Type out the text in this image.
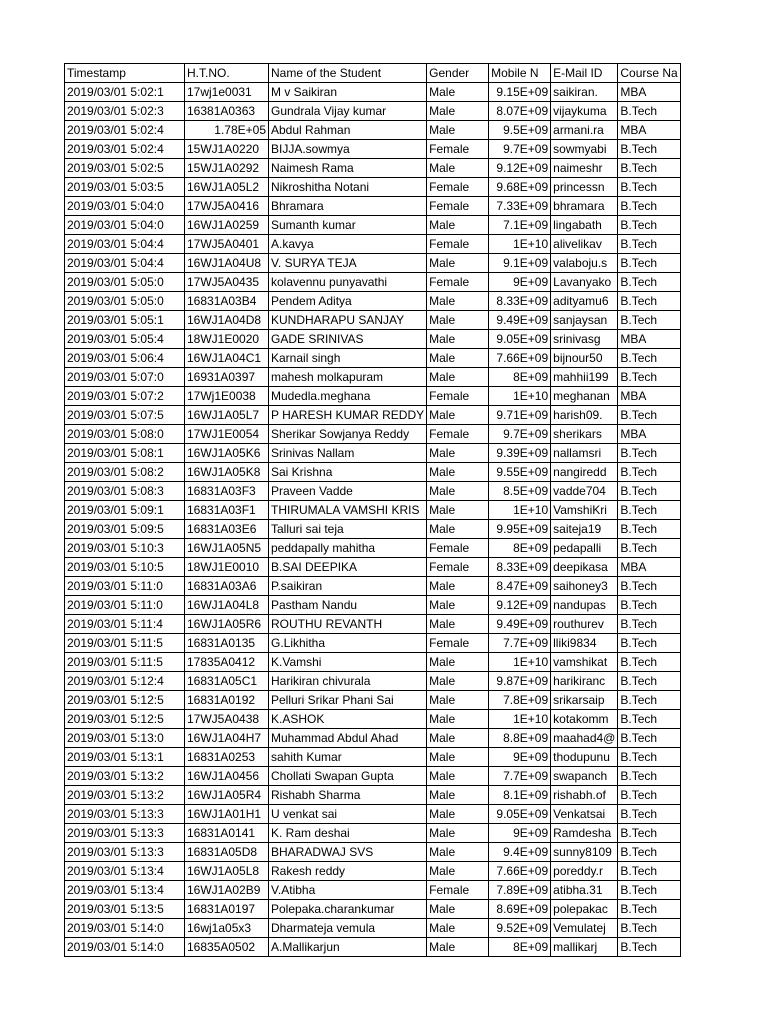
Timestamp	H.T.NO.	Name of the Student	Gender	Mobile N	E-Mail ID	Course Na
2019/03/01 5:02:1	17wj1e0031	M v Saikiran	Male	9.15E+09	saikiran.	MBA
2019/03/01 5:02:3	16381A0363	Gundrala Vijay kumar	Male	8.07E+09	vijaykuma	B.Tech
2019/03/01 5:02:4	1.78E+05	Abdul Rahman	Male	9.5E+09	armani.ra	MBA
2019/03/01 5:02:4	15WJ1A0220	BIJJA.sowmya	Female	9.7E+09	sowmyabi	B.Tech
2019/03/01 5:02:5	15WJ1A0292	Naimesh Rama	Male	9.12E+09	naimeshr	B.Tech
2019/03/01 5:03:5	16WJ1A05L2	Nikroshitha Notani	Female	9.68E+09	princessn	B.Tech
2019/03/01 5:04:0	17WJ5A0416	Bhramara	Female	7.33E+09	bhramara	B.Tech
2019/03/01 5:04:0	16WJ1A0259	Sumanth kumar	Male	7.1E+09	lingabath	B.Tech
2019/03/01 5:04:4	17WJ5A0401	A.kavya	Female	1E+10	alivelikav	B.Tech
2019/03/01 5:04:4	16WJ1A04U8	V. SURYA TEJA	Male	9.1E+09	valaboju.s	B.Tech
2019/03/01 5:05:0	17WJ5A0435	kolavennu punyavathi	Female	9E+09	Lavanyako	B.Tech
2019/03/01 5:05:0	16831A03B4	Pendem Aditya	Male	8.33E+09	adityamu6	B.Tech
2019/03/01 5:05:1	16WJ1A04D8	KUNDHARAPU SANJAY	Male	9.49E+09	sanjaysan	B.Tech
2019/03/01 5:05:4	18WJ1E0020	GADE SRINIVAS	Male	9.05E+09	srinivasg	MBA
2019/03/01 5:06:4	16WJ1A04C1	Karnail singh	Male	7.66E+09	bijnour50	B.Tech
2019/03/01 5:07:0	16931A0397	mahesh molkapuram	Male	8E+09	mahhii199	B.Tech
2019/03/01 5:07:2	17Wj1E0038	Mudedla.meghana	Female	1E+10	meghanan	MBA
2019/03/01 5:07:5	16WJ1A05L7	P HARESH KUMAR REDDY	Male	9.71E+09	harish09.	B.Tech
2019/03/01 5:08:0	17WJ1E0054	Sherikar Sowjanya Reddy	Female	9.7E+09	sherikars	MBA
2019/03/01 5:08:1	16WJ1A05K6	Srinivas Nallam	Male	9.39E+09	nallamsri	B.Tech
2019/03/01 5:08:2	16WJ1A05K8	Sai Krishna	Male	9.55E+09	nangiredd	B.Tech
2019/03/01 5:08:3	16831A03F3	Praveen Vadde	Male	8.5E+09	vadde704	B.Tech
2019/03/01 5:09:1	16831A03F1	THIRUMALA VAMSHI KRIS	Male	1E+10	VamshiKri	B.Tech
2019/03/01 5:09:5	16831A03E6	Talluri sai teja	Male	9.95E+09	saiteja19	B.Tech
2019/03/01 5:10:3	16WJ1A05N5	peddapally mahitha	Female	8E+09	pedapalli	B.Tech
2019/03/01 5:10:5	18WJ1E0010	B.SAI DEEPIKA	Female	8.33E+09	deepikasa	MBA
2019/03/01 5:11:0	16831A03A6	P.saikiran	Male	8.47E+09	saihoney3	B.Tech
2019/03/01 5:11:0	16WJ1A04L8	Pastham Nandu	Male	9.12E+09	nandupas	B.Tech
2019/03/01 5:11:4	16WJ1A05R6	ROUTHU REVANTH	Male	9.49E+09	routhurev	B.Tech
2019/03/01 5:11:5	16831A0135	G.Likhitha	Female	7.7E+09	lliki9834	B.Tech
2019/03/01 5:11:5	17835A0412	K.Vamshi	Male	1E+10	vamshikat	B.Tech
2019/03/01 5:12:4	16831A05C1	Harikiran chivurala	Male	9.87E+09	harikiranc	B.Tech
2019/03/01 5:12:5	16831A0192	Pelluri Srikar Phani Sai	Male	7.8E+09	srikarsaip	B.Tech
2019/03/01 5:12:5	17WJ5A0438	K.ASHOK	Male	1E+10	kotakomm	B.Tech
2019/03/01 5:13:0	16WJ1A04H7	Muhammad Abdul Ahad	Male	8.8E+09	maahad4@	B.Tech
2019/03/01 5:13:1	16831A0253	sahith Kumar	Male	9E+09	thodupunu	B.Tech
2019/03/01 5:13:2	16WJ1A0456	Chollati Swapan Gupta	Male	7.7E+09	swapanch	B.Tech
2019/03/01 5:13:2	16WJ1A05R4	Rishabh Sharma	Male	8.1E+09	rishabh.of	B.Tech
2019/03/01 5:13:3	16WJ1A01H1	U venkat sai	Male	9.05E+09	Venkatsai	B.Tech
2019/03/01 5:13:3	16831A0141	K. Ram deshai	Male	9E+09	Ramdesha	B.Tech
2019/03/01 5:13:3	16831A05D8	BHARADWAJ SVS	Male	9.4E+09	sunny8109	B.Tech
2019/03/01 5:13:4	16WJ1A05L8	Rakesh reddy	Male	7.66E+09	poreddy.r	B.Tech
2019/03/01 5:13:4	16WJ1A02B9	V.Atibha	Female	7.89E+09	atibha.31	B.Tech
2019/03/01 5:13:5	16831A0197	Polepaka.charankumar	Male	8.69E+09	polepakac	B.Tech
2019/03/01 5:14:0	16wj1a05x3	Dharmateja vemula	Male	9.52E+09	Vemulatej	B.Tech
2019/03/01 5:14:0	16835A0502	A.Mallikarjun	Male	8E+09	mallikarj	B.Tech
